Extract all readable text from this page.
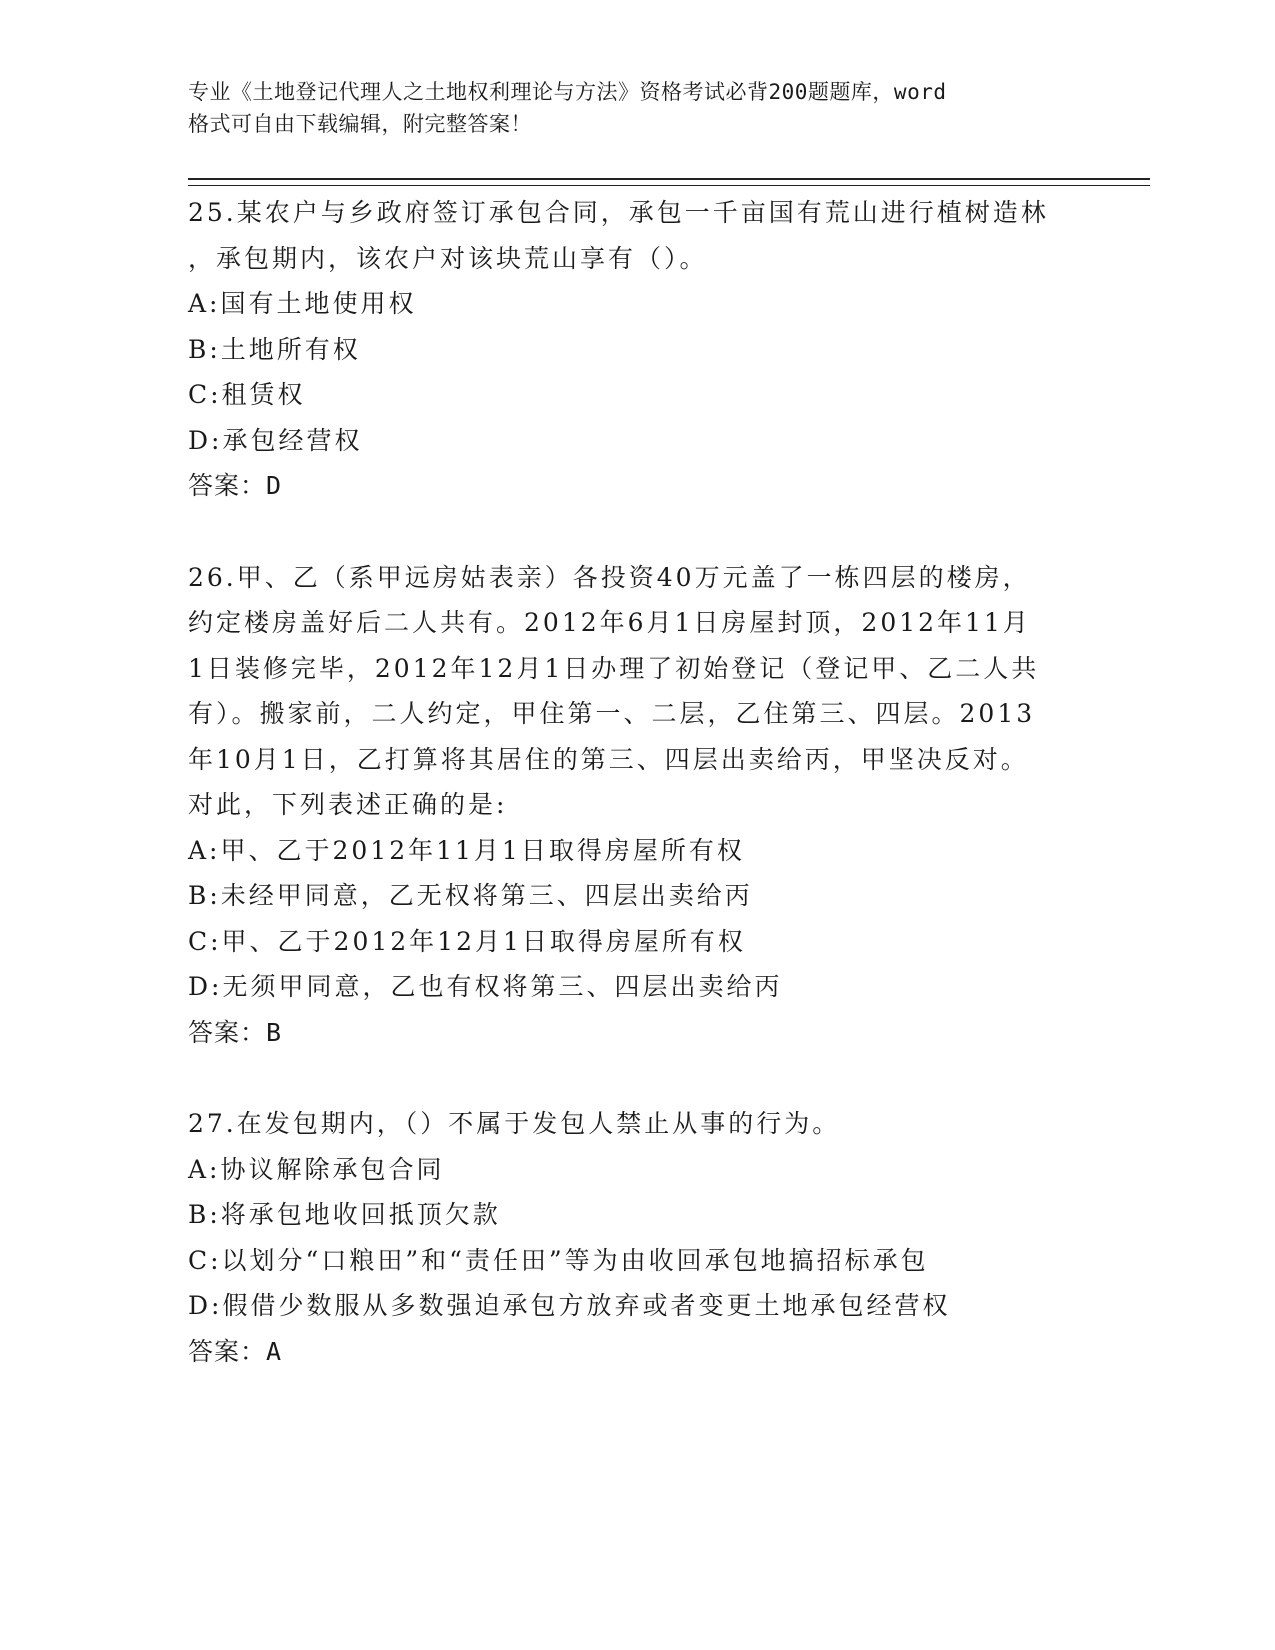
专业《土地登记代理人之土地权利理论与方法》资格考试必背200题题库，word
格式可自由下载编辑，附完整答案！
25.某农户与乡政府签订承包合同，承包一千亩国有荒山进行植树造林
，承包期内，该农户对该块荒山享有（）。
A:国有土地使用权
B:土地所有权
C:租赁权
D:承包经营权
答案：D
26.甲、乙（系甲远房姑表亲）各投资40万元盖了一栋四层的楼房，
约定楼房盖好后二人共有。2012年6月1日房屋封顶，2012年11月
1日装修完毕，2012年12月1日办理了初始登记（登记甲、乙二人共
有）。搬家前，二人约定，甲住第一、二层，乙住第三、四层。2013
年10月1日，乙打算将其居住的第三、四层出卖给丙，甲坚决反对。
对此，下列表述正确的是:
A:甲、乙于2012年11月1日取得房屋所有权
B:未经甲同意，乙无权将第三、四层出卖给丙
C:甲、乙于2012年12月1日取得房屋所有权
D:无须甲同意，乙也有权将第三、四层出卖给丙
答案：B
27.在发包期内，（）不属于发包人禁止从事的行为。
A:协议解除承包合同
B:将承包地收回抵顶欠款
C:以划分“口粮田”和“责任田”等为由收回承包地搞招标承包
D:假借少数服从多数强迫承包方放弃或者变更土地承包经营权
答案：A
